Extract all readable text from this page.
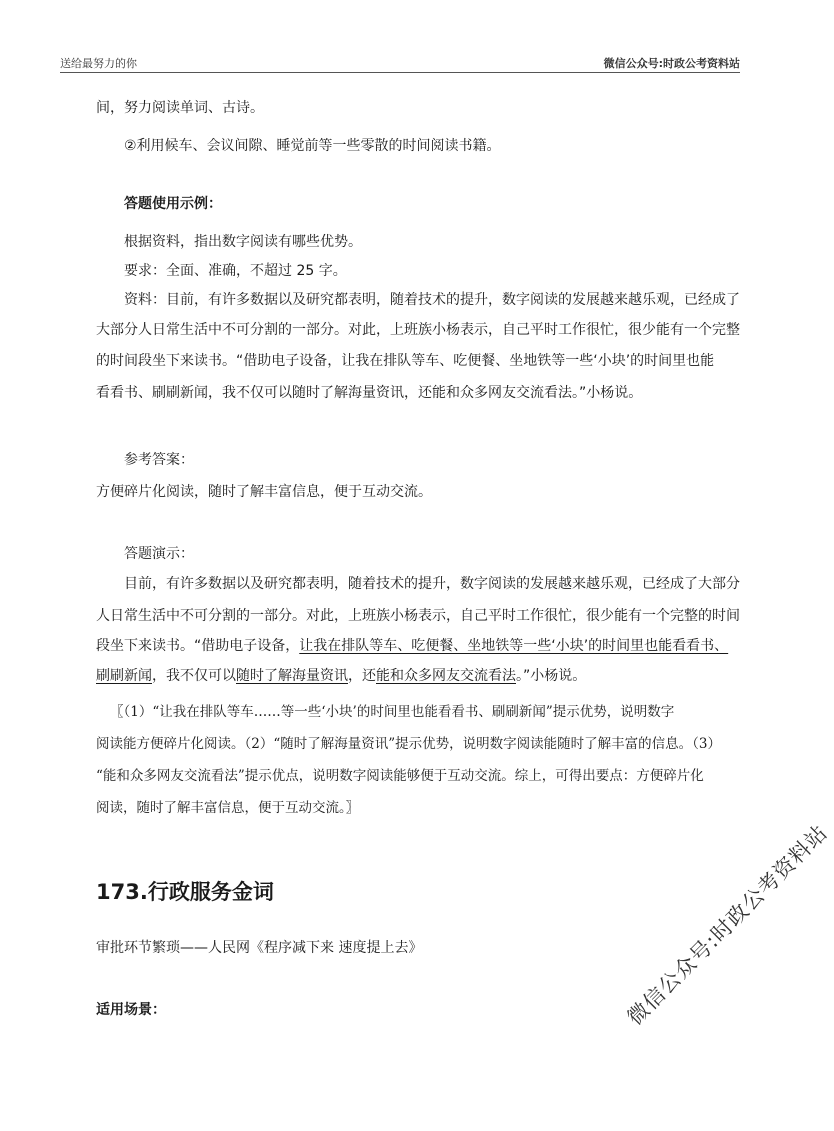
送给最努力的你	微信公众号:时政公考资料站
间，努力阅读单词、古诗。
②利用候车、会议间隙、睡觉前等一些零散的时间阅读书籍。
答题使用示例：
根据资料，指出数字阅读有哪些优势。
要求：全面、准确，不超过 25 字。
资料：目前，有许多数据以及研究都表明，随着技术的提升，数字阅读的发展越来越乐观，已经成了
大部分人日常生活中不可分割的一部分。对此，上班族小杨表示，自己平时工作很忙，很少能有一个完整
的时间段坐下来读书。“借助电子设备，让我在排队等车、吃便餐、坐地铁等一些‘小块’的时间里也能
看看书、刷刷新闻，我不仅可以随时了解海量资讯，还能和众多网友交流看法。”小杨说。
参考答案：
方便碎片化阅读，随时了解丰富信息，便于互动交流。
答题演示：
目前，有许多数据以及研究都表明，随着技术的提升，数字阅读的发展越来越乐观，已经成了大部分
人日常生活中不可分割的一部分。对此，上班族小杨表示，自己平时工作很忙，很少能有一个完整的时间
段坐下来读书。“借助电子设备，让我在排队等车、吃便餐、坐地铁等一些‘小块’的时间里也能看看书、
刷刷新闻，我不仅可以随时了解海量资讯，还能和众多网友交流看法。”小杨说。
〖（1）“让我在排队等车……等一些‘小块’的时间里也能看看书、刷刷新闻”提示优势，说明数字
阅读能方便碎片化阅读。（2）“随时了解海量资讯”提示优势，说明数字阅读能随时了解丰富的信息。（3）
“能和众多网友交流看法”提示优点，说明数字阅读能够便于互动交流。综上，可得出要点：方便碎片化
阅读，随时了解丰富信息，便于互动交流。〗
173.行政服务金词
审批环节繁琐——人民网《程序减下来 速度提上去》
适用场景：	微信公众号:时政公考资料站
